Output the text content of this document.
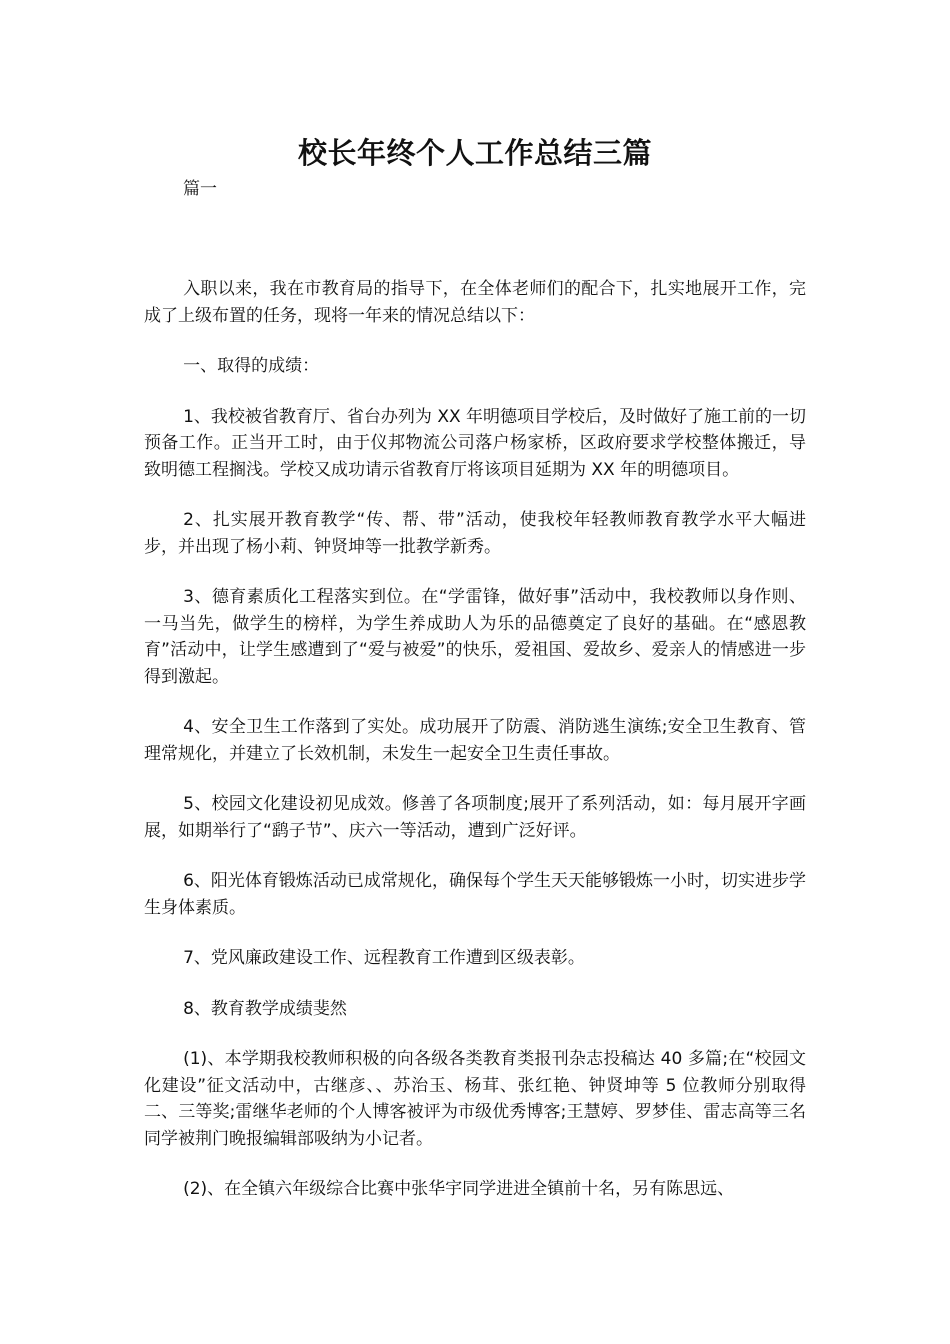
校长年终个人工作总结三篇
篇一

入职以来，我在市教育局的指导下，在全体老师们的配合下，扎实地展开工作，完成了上级布置的任务，现将一年来的情况总结以下：

一、取得的成绩：

1、我校被省教育厅、省台办列为 XX 年明德项目学校后，及时做好了施工前的一切预备工作。正当开工时，由于仪邦物流公司落户杨家桥，区政府要求学校整体搬迁，导致明德工程搁浅。学校又成功请示省教育厅将该项目延期为 XX 年的明德项目。

2、扎实展开教育教学“传、帮、带”活动，使我校年轻教师教育教学水平大幅进步，并出现了杨小莉、钟贤坤等一批教学新秀。

3、德育素质化工程落实到位。在“学雷锋，做好事”活动中，我校教师以身作则、一马当先，做学生的榜样，为学生养成助人为乐的品德奠定了良好的基础。在“感恩教育”活动中，让学生感遭到了“爱与被爱”的快乐，爱祖国、爱故乡、爱亲人的情感进一步得到激起。

4、安全卫生工作落到了实处。成功展开了防震、消防逃生演练;安全卫生教育、管理常规化，并建立了长效机制，未发生一起安全卫生责任事故。

5、校园文化建设初见成效。修善了各项制度;展开了系列活动，如：每月展开字画展，如期举行了“鹞子节”、庆六一等活动，遭到广泛好评。

6、阳光体育锻炼活动已成常规化，确保每个学生天天能够锻炼一小时，切实进步学生身体素质。

7、党风廉政建设工作、远程教育工作遭到区级表彰。

8、教育教学成绩斐然

(1)、本学期我校教师积极的向各级各类教育类报刊杂志投稿达 40 多篇;在“校园文化建设”征文活动中，古继彦、、苏治玉、杨茸、张红艳、钟贤坤等 5 位教师分别取得二、三等奖;雷继华老师的个人博客被评为市级优秀博客;王慧婷、罗梦佳、雷志高等三名同学被荆门晚报编辑部吸纳为小记者。

(2)、在全镇六年级综合比赛中张华宇同学进进全镇前十名，另有陈思远、
